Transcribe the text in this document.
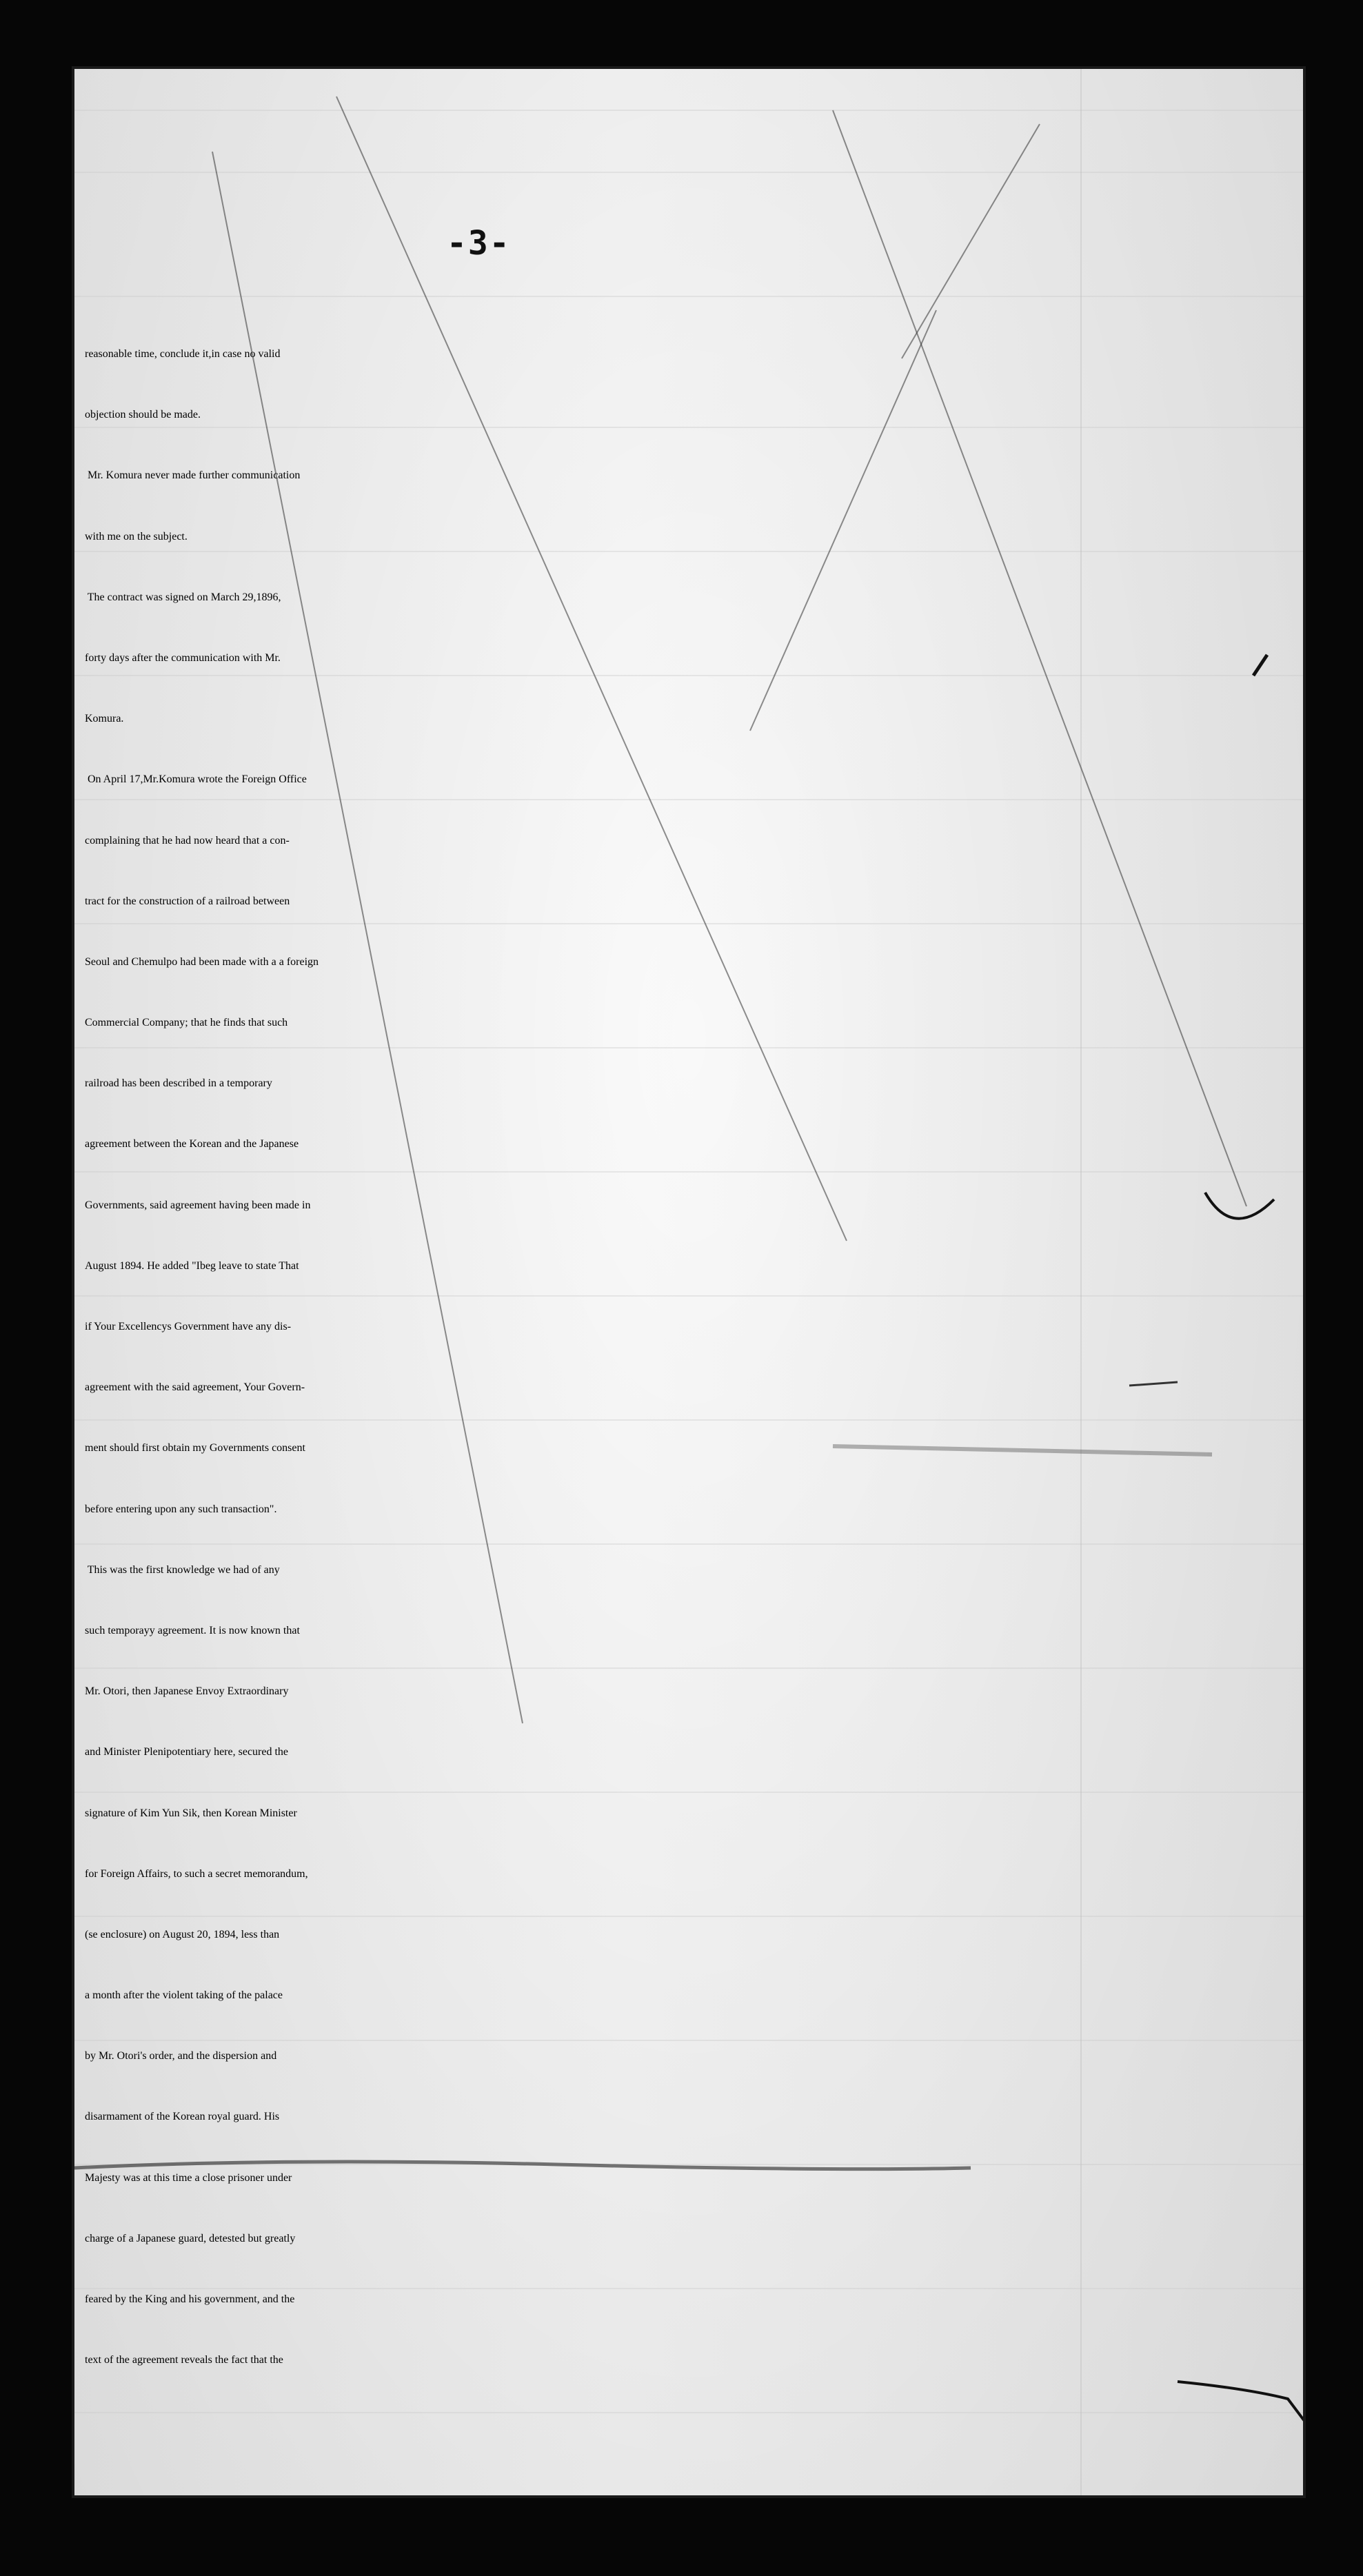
-3-
reasonable time, conclude it,in case no valid
objection should be made.
Mr. Komura never made further communication
with me on the subject.
The contract was signed on March 29,1896,
forty days after the communication with Mr.
Komura.
On April 17,Mr.Komura wrote the Foreign Office
complaining that he had now heard that a con-
tract for the construction of a railroad between
Seoul and Chemulpo had been made with a a foreign
Commercial Company; that he finds that such
railroad has been described in a temporary
agreement between the Korean and the Japanese
Governments, said agreement having been made in
August 1894. He added "Ibeg leave to state That
if Your Excellencys Government have any dis-
agreement with the said agreement, Your Govern-
ment should first obtain my Governments consent
before entering upon any such transaction".
This was the first knowledge we had of any
such temporayy agreement. It is now known that
Mr. Otori, then Japanese Envoy Extraordinary
and Minister Plenipotentiary here, secured the
signature of Kim Yun Sik, then Korean Minister
for Foreign Affairs, to such a secret memorandum,
(se enclosure) on August 20, 1894, less than
a month after the violent taking of the palace
by Mr. Otori's order, and the dispersion and
disarmament of the Korean royal guard. His
Majesty was at this time a close prisoner under
charge of a Japanese guard, detested but greatly
feared by the King and his government, and the
text of the agreement reveals the fact that the
